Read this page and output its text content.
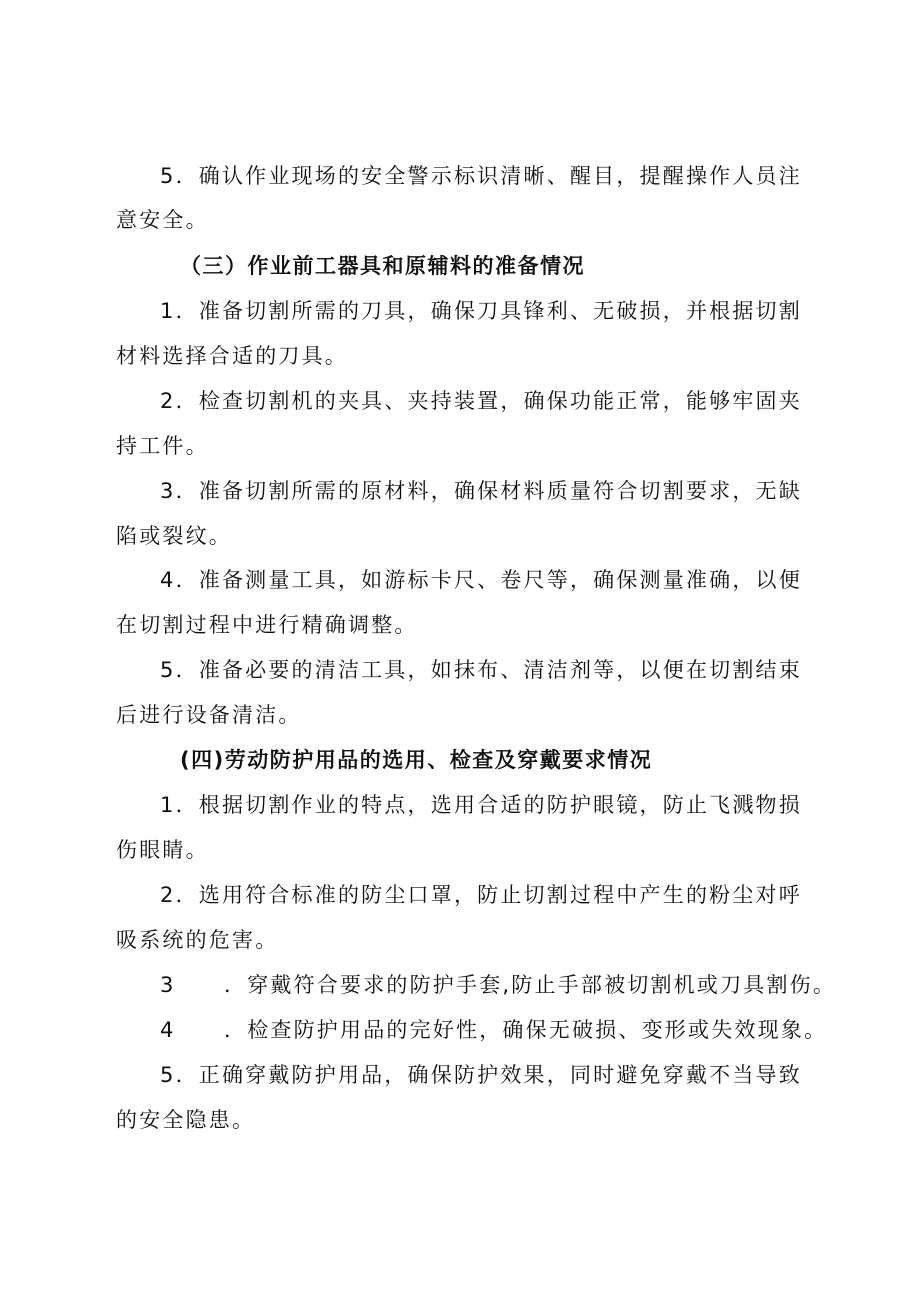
5．确认作业现场的安全警示标识清晰、醒目，提醒操作人员注
意安全。
（三）作业前工器具和原辅料的准备情况
1．准备切割所需的刀具，确保刀具锋利、无破损，并根据切割
材料选择合适的刀具。
2．检查切割机的夹具、夹持装置，确保功能正常，能够牢固夹
持工件。
3．准备切割所需的原材料，确保材料质量符合切割要求，无缺
陷或裂纹。
4．准备测量工具，如游标卡尺、卷尺等，确保测量准确，以便
在切割过程中进行精确调整。
5．准备必要的清洁工具，如抹布、清洁剂等，以便在切割结束
后进行设备清洁。
(四)劳动防护用品的选用、检查及穿戴要求情况
1．根据切割作业的特点，选用合适的防护眼镜，防止飞溅物损
伤眼睛。
2．选用符合标准的防尘口罩，防止切割过程中产生的粉尘对呼
吸系统的危害。
3 ．穿戴符合要求的防护手套,防止手部被切割机或刀具割伤。
4 ．检查防护用品的完好性，确保无破损、变形或失效现象。
5．正确穿戴防护用品，确保防护效果，同时避免穿戴不当导致
的安全隐患。
